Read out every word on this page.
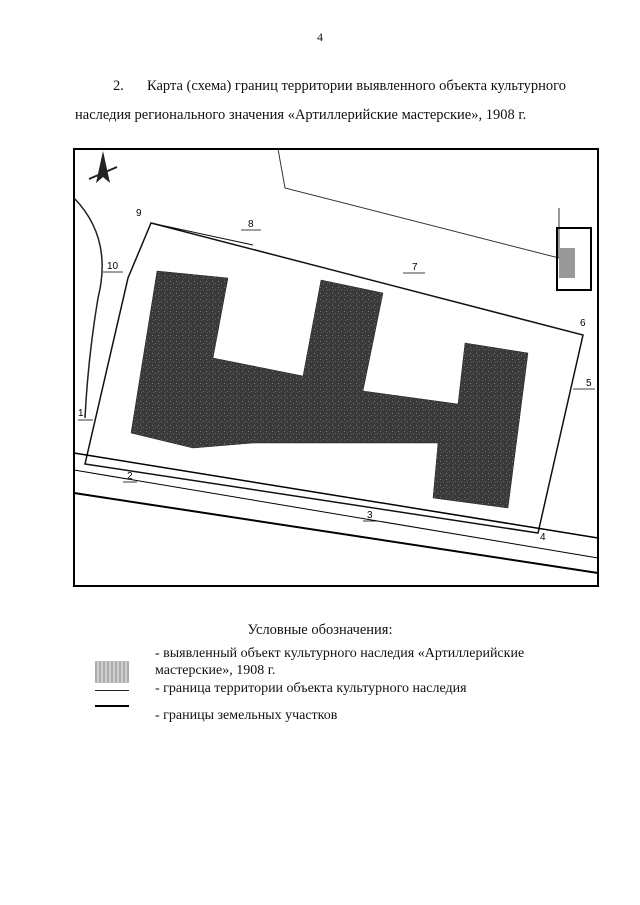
4
2. Карта (схема) границ территории выявленного объекта культурного наследия регионального значения «Артиллерийские мастерские», 1908 г.
1
2
3
4
5
6
7
8
9
10
Условные обозначения:
- выявленный объект культурного наследия «Артиллерийские мастерские», 1908 г.
- граница территории объекта культурного наследия
- границы земельных участков
